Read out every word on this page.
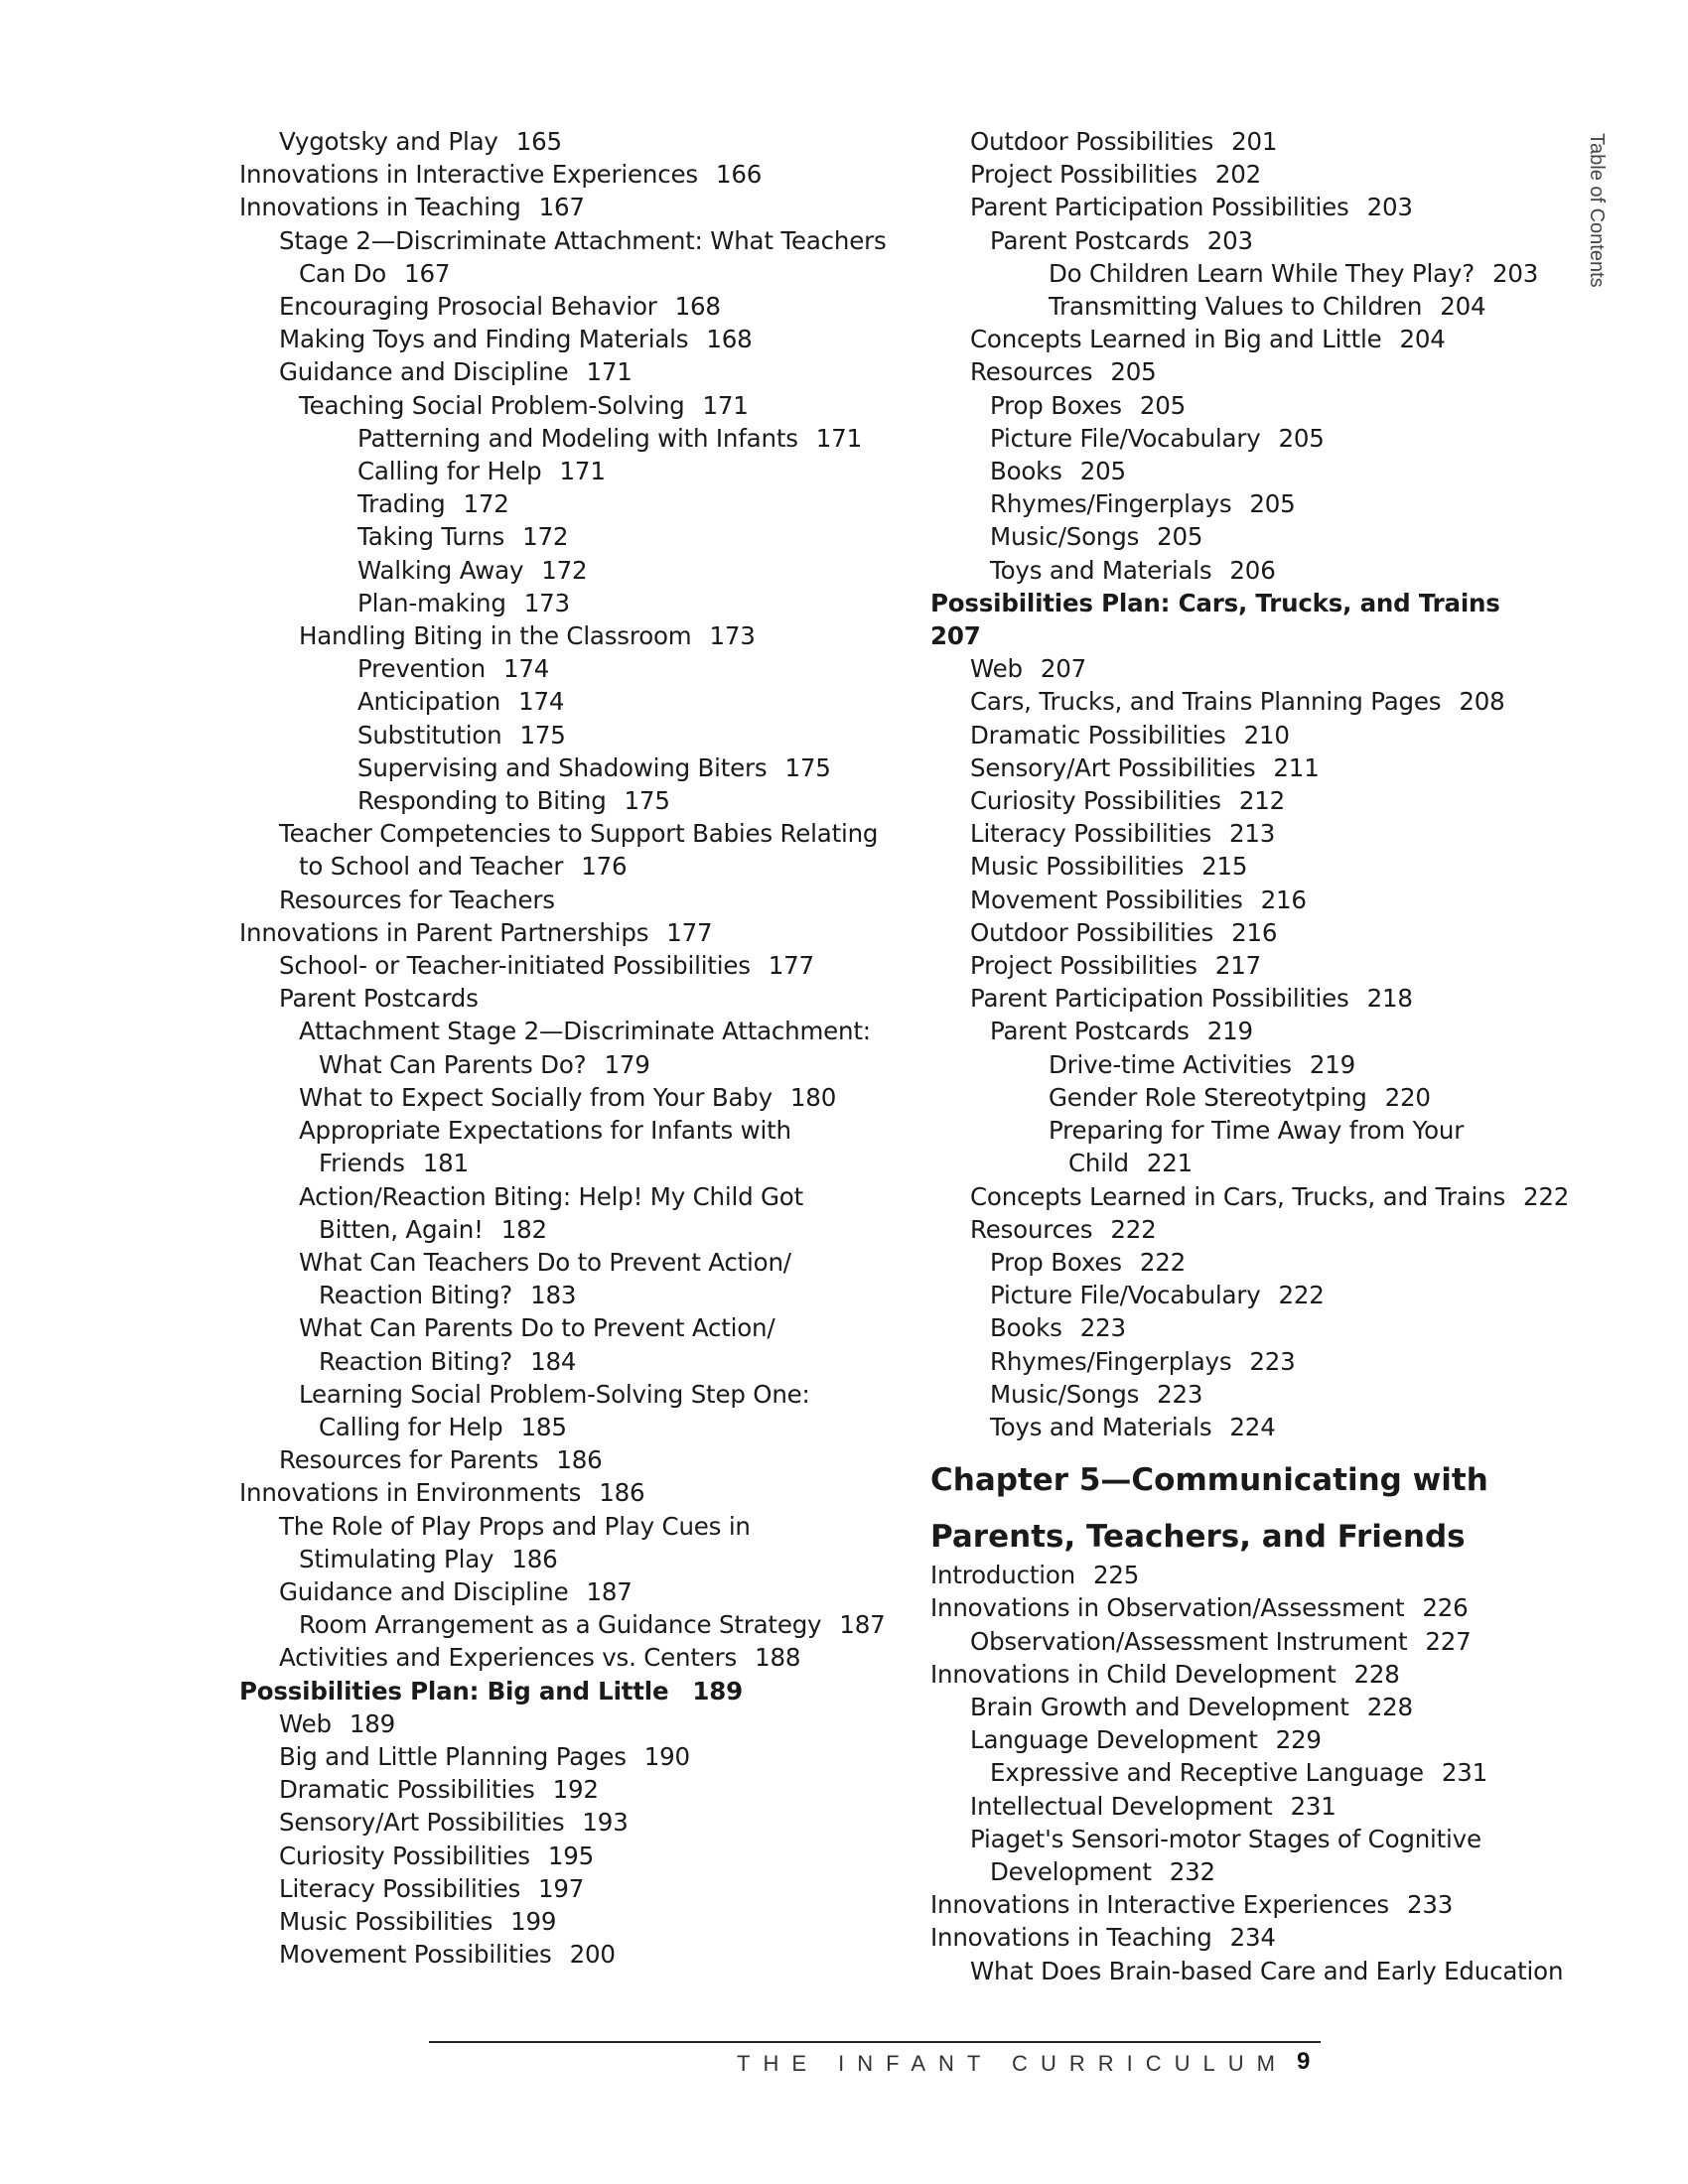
Vygotsky and Play 165
Innovations in Interactive Experiences 166
Innovations in Teaching 167
Stage 2—Discriminate Attachment: What Teachers
Can Do 167
Encouraging Prosocial Behavior 168
Making Toys and Finding Materials 168
Guidance and Discipline 171
Teaching Social Problem-Solving 171
Patterning and Modeling with Infants 171
Calling for Help 171
Trading 172
Taking Turns 172
Walking Away 172
Plan-making 173
Handling Biting in the Classroom 173
Prevention 174
Anticipation 174
Substitution 175
Supervising and Shadowing Biters 175
Responding to Biting 175
Teacher Competencies to Support Babies Relating
to School and Teacher 176
Resources for Teachers
Innovations in Parent Partnerships 177
School- or Teacher-initiated Possibilities 177
Parent Postcards
Attachment Stage 2—Discriminate Attachment:
What Can Parents Do? 179
What to Expect Socially from Your Baby 180
Appropriate Expectations for Infants with
Friends 181
Action/Reaction Biting: Help! My Child Got
Bitten, Again! 182
What Can Teachers Do to Prevent Action/
Reaction Biting? 183
What Can Parents Do to Prevent Action/
Reaction Biting? 184
Learning Social Problem-Solving Step One:
Calling for Help 185
Resources for Parents 186
Innovations in Environments 186
The Role of Play Props and Play Cues in
Stimulating Play 186
Guidance and Discipline 187
Room Arrangement as a Guidance Strategy 187
Activities and Experiences vs. Centers 188
Possibilities Plan: Big and Little 189
Web 189
Big and Little Planning Pages 190
Dramatic Possibilities 192
Sensory/Art Possibilities 193
Curiosity Possibilities 195
Literacy Possibilities 197
Music Possibilities 199
Movement Possibilities 200
Outdoor Possibilities 201
Project Possibilities 202
Parent Participation Possibilities 203
Parent Postcards 203
Do Children Learn While They Play? 203
Transmitting Values to Children 204
Concepts Learned in Big and Little 204
Resources 205
Prop Boxes 205
Picture File/Vocabulary 205
Books 205
Rhymes/Fingerplays 205
Music/Songs 205
Toys and Materials 206
Possibilities Plan: Cars, Trucks, and Trains
207
Web 207
Cars, Trucks, and Trains Planning Pages 208
Dramatic Possibilities 210
Sensory/Art Possibilities 211
Curiosity Possibilities 212
Literacy Possibilities 213
Music Possibilities 215
Movement Possibilities 216
Outdoor Possibilities 216
Project Possibilities 217
Parent Participation Possibilities 218
Parent Postcards 219
Drive-time Activities 219
Gender Role Stereotytping 220
Preparing for Time Away from Your
Child 221
Concepts Learned in Cars, Trucks, and Trains 222
Resources 222
Prop Boxes 222
Picture File/Vocabulary 222
Books 223
Rhymes/Fingerplays 223
Music/Songs 223
Toys and Materials 224
Chapter 5—Communicating with
Parents, Teachers, and Friends
Introduction 225
Innovations in Observation/Assessment 226
Observation/Assessment Instrument 227
Innovations in Child Development 228
Brain Growth and Development 228
Language Development 229
Expressive and Receptive Language 231
Intellectual Development 231
Piaget's Sensori-motor Stages of Cognitive
Development 232
Innovations in Interactive Experiences 233
Innovations in Teaching 234
What Does Brain-based Care and Early Education
Table of Contents
THE INFANT CURRICULUM 9
